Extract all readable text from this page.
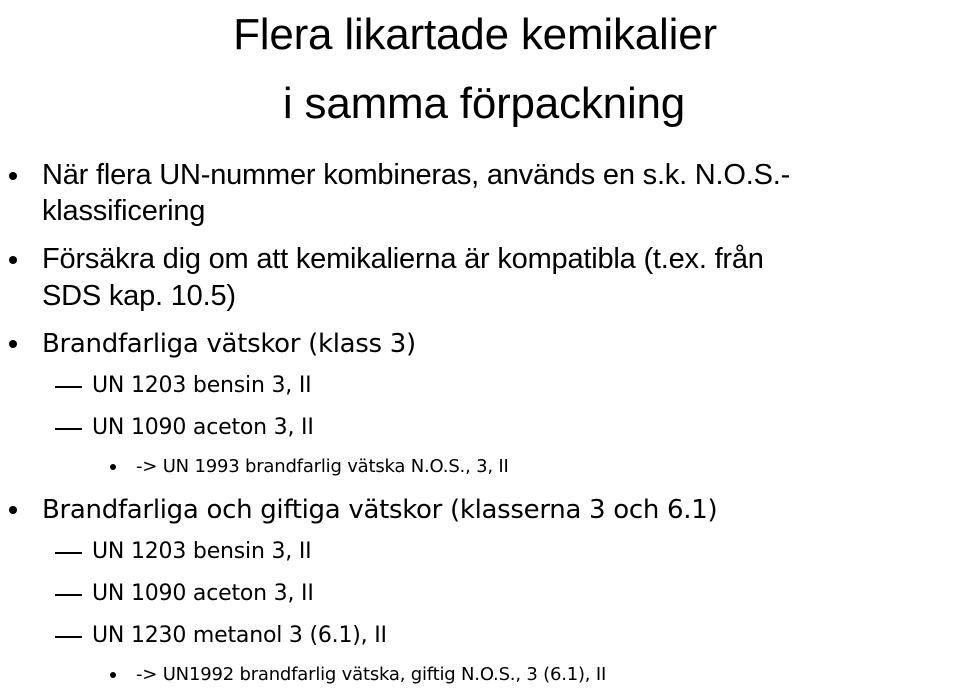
Flera likartade kemikalier
i samma förpackning
När flera UN-nummer kombineras, används en s.k. N.O.S.-
klassificering
Försäkra dig om att kemikalierna är kompatibla (t.ex. från
SDS kap. 10.5)
Brandfarliga vätskor (klass 3)
UN 1203 bensin 3, II
UN 1090 aceton 3, II
-> UN 1993 brandfarlig vätska N.O.S., 3, II
Brandfarliga och giftiga vätskor (klasserna 3 och 6.1)
UN 1203 bensin 3, II
UN 1090 aceton 3, II
UN 1230 metanol 3 (6.1), II
-> UN1992 brandfarlig vätska, giftig N.O.S., 3 (6.1), II
